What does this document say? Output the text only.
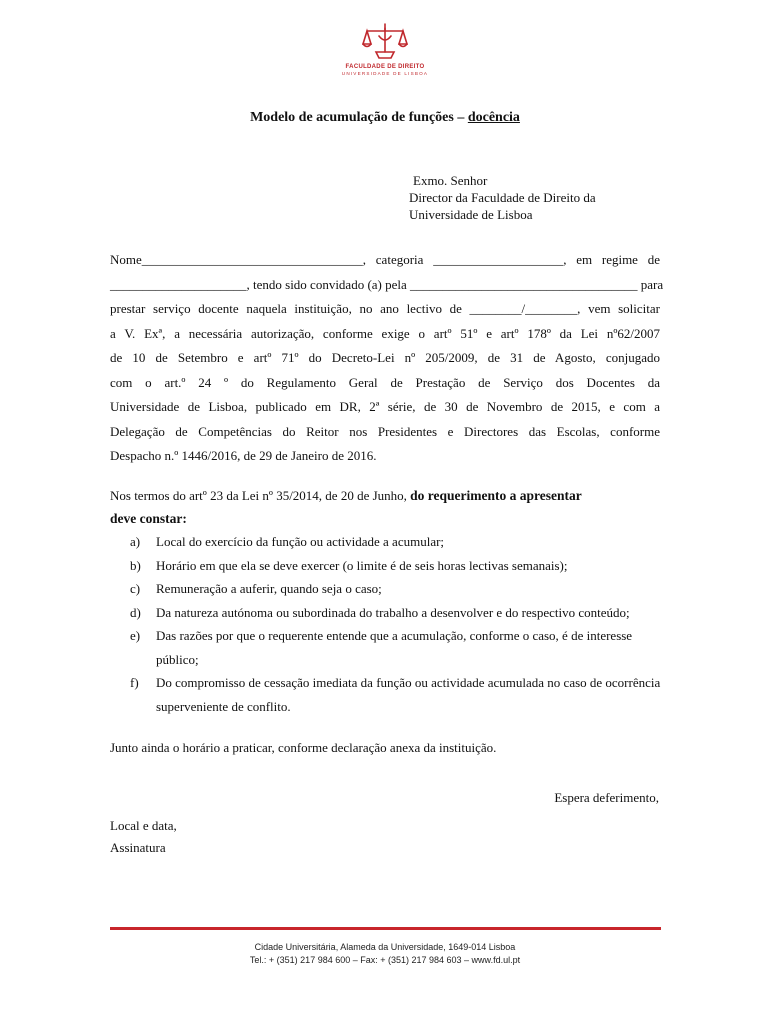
FACULDADE DE DIREITO
UNIVERSIDADE DE LISBOA
Modelo de acumulação de funções – docência
Exmo. Senhor
Director da Faculdade de Direito da
Universidade de Lisboa
Nome__________________________________, categoria ____________________, em regime de
_____________________, tendo sido convidado (a) pela ___________________________________ para
prestar serviço docente naquela instituição, no ano lectivo de ________/________, vem solicitar
a V. Exª, a necessária autorização, conforme exige o artº 51º e artº 178º da Lei nº62/2007
de 10 de Setembro e artº 71º do Decreto-Lei nº 205/2009, de 31 de Agosto, conjugado
com o art.º 24 º do Regulamento Geral de Prestação de Serviço dos Docentes da
Universidade de Lisboa, publicado em DR, 2ª série, de 30 de Novembro de 2015, e com a
Delegação de Competências do Reitor nos Presidentes e Directores das Escolas, conforme
Despacho n.º 1446/2016, de 29 de Janeiro de 2016.
Nos termos do artº 23 da Lei nº 35/2014, de 20 de Junho, do requerimento a apresentar
deve constar:
a) Local do exercício da função ou actividade a acumular;
b) Horário em que ela se deve exercer (o limite é de seis horas lectivas semanais);
c) Remuneração a auferir, quando seja o caso;
d) Da natureza autónoma ou subordinada do trabalho a desenvolver e do respectivo conteúdo;
e) Das razões por que o requerente entende que a acumulação, conforme o caso, é de interesse público;
f) Do compromisso de cessação imediata da função ou actividade acumulada no caso de ocorrência superveniente de conflito.
Junto ainda o horário a praticar, conforme declaração anexa da instituição.
Espera deferimento,
Local e data,
Assinatura
Cidade Universitária, Alameda da Universidade, 1649-014 Lisboa
Tel.: + (351) 217 984 600 – Fax: + (351) 217 984 603 – www.fd.ul.pt
